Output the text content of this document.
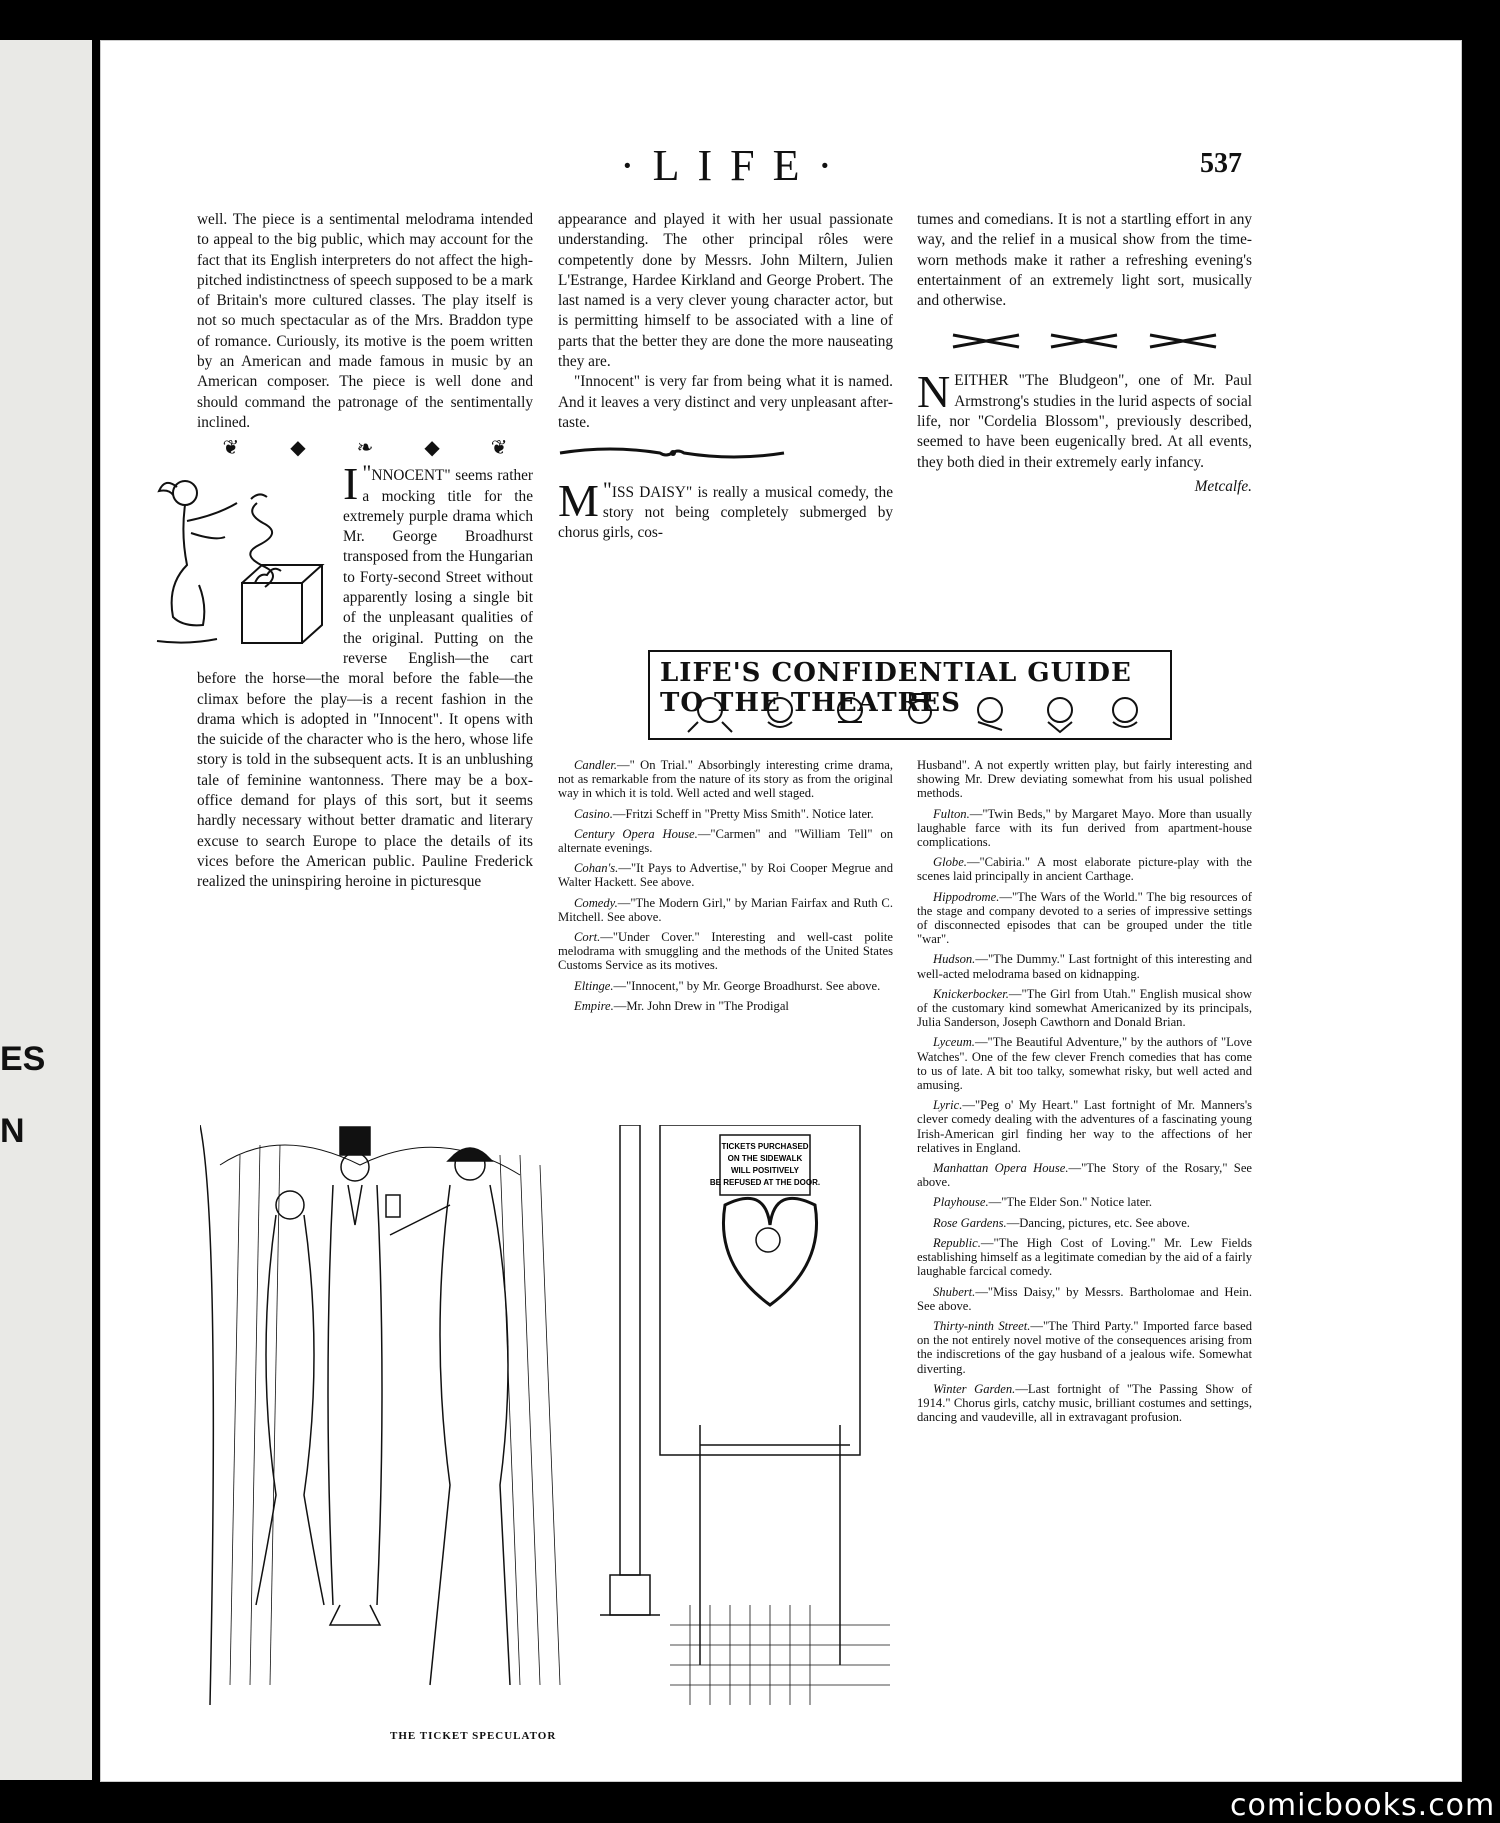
ES
N
·LIFE·	537

well. The piece is a sentimental melodrama intended to appeal to the big public, which may account for the fact that its English interpreters do not affect the high-pitched indistinctness of speech supposed to be a mark of Britain's more cultured classes. The play itself is not so much spectacular as of the Mrs. Braddon type of romance. Curiously, its motive is the poem written by an American and made famous in music by an American composer. The piece is well done and should command the patronage of the sentimentally inclined.

❦	◆	❧	◆	❦

"
I NNOCENT" seems rather a mocking title for the extremely purple drama which Mr. George Broadhurst transposed from the Hungarian to Forty-second Street without apparently losing a single bit of the unpleasant qualities of the original. Putting on the reverse English—the cart before the horse—the moral before the fable—the climax before the play—is a recent fashion in the drama which is adopted in "Innocent". It opens with the suicide of the character who is the hero, whose life story is told in the subsequent acts. It is an unblushing tale of feminine wantonness. There may be a box-office demand for plays of this sort, but it seems hardly necessary without better dramatic and literary excuse to search Europe to place the details of its vices before the American public. Pauline Frederick realized the uninspiring heroine in picturesque

appearance and played it with her usual passionate understanding. The other principal rôles were competently done by Messrs. John Miltern, Julien L'Estrange, Hardee Kirkland and George Probert. The last named is a very clever young character actor, but is permitting himself to be associated with a line of parts that the better they are done the more nauseating they are.

"Innocent" is very far from being what it is named. And it leaves a very distinct and very unpleasant after-taste.

"
M ISS DAISY" is really a musical comedy, the story not being completely submerged by chorus girls, cos-

tumes and comedians. It is not a startling effort in any way, and the relief in a musical show from the time-worn methods make it rather a refreshing evening's entertainment of an extremely light sort, musically and otherwise.

NEITHER "The Bludgeon", one of Mr. Paul Armstrong's studies in the lurid aspects of social life, nor "Cordelia Blossom", previously described, seemed to have been eugenically bred. At all events, they both died in their extremely early infancy.

Metcalfe.
LIFE'S CONFIDENTIAL GUIDE TO THE THEATRES

Candler.—" On Trial." Absorbingly interesting crime drama, not as remarkable from the nature of its story as from the original way in which it is told. Well acted and well staged.

Casino.—Fritzi Scheff in "Pretty Miss Smith". Notice later.

Century Opera House.—"Carmen" and "William Tell" on alternate evenings.

Cohan's.—"It Pays to Advertise," by Roi Cooper Megrue and Walter Hackett. See above.

Comedy.—"The Modern Girl," by Marian Fairfax and Ruth C. Mitchell. See above.

Cort.—"Under Cover." Interesting and well-cast polite melodrama with smuggling and the methods of the United States Customs Service as its motives.

Eltinge.—"Innocent," by Mr. George Broadhurst. See above.

Empire.—Mr. John Drew in "The Prodigal

Husband". A not expertly written play, but fairly interesting and showing Mr. Drew deviating somewhat from his usual polished methods.

Fulton.—"Twin Beds," by Margaret Mayo. More than usually laughable farce with its fun derived from apartment-house complications.

Globe.—"Cabiria." A most elaborate picture-play with the scenes laid principally in ancient Carthage.

Hippodrome.—"The Wars of the World." The big resources of the stage and company devoted to a series of impressive settings of disconnected episodes that can be grouped under the title "war".

Hudson.—"The Dummy." Last fortnight of this interesting and well-acted melodrama based on kidnapping.

Knickerbocker.—"The Girl from Utah." English musical show of the customary kind somewhat Americanized by its principals, Julia Sanderson, Joseph Cawthorn and Donald Brian.

Lyceum.—"The Beautiful Adventure," by the authors of "Love Watches". One of the few clever French comedies that has come to us of late. A bit too talky, somewhat risky, but well acted and amusing.

Lyric.—"Peg o' My Heart." Last fortnight of Mr. Manners's clever comedy dealing with the adventures of a fascinating young Irish-American girl finding her way to the affections of her relatives in England.

Manhattan Opera House.—"The Story of the Rosary," See above.

Playhouse.—"The Elder Son." Notice later.

Rose Gardens.—Dancing, pictures, etc. See above.

Republic.—"The High Cost of Loving." Mr. Lew Fields establishing himself as a legitimate comedian by the aid of a fairly laughable farcical comedy.

Shubert.—"Miss Daisy," by Messrs. Bartholomae and Hein. See above.

Thirty-ninth Street.—"The Third Party." Imported farce based on the not entirely novel motive of the consequences arising from the indiscretions of the gay husband of a jealous wife. Somewhat diverting.

Winter Garden.—Last fortnight of "The Passing Show of 1914." Chorus girls, catchy music, brilliant costumes and settings, dancing and vaudeville, all in extravagant profusion.

TICKETS PURCHASED
ON THE SIDEWALK
WILL POSITIVELY
BE REFUSED AT THE DOOR.
THE TICKET SPECULATOR
comicbooks.com
